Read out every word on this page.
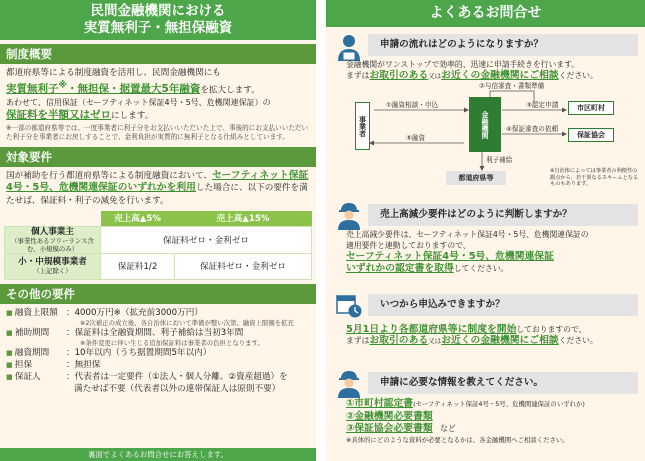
民間金融機関における
実質無利子・無担保融資
制度概要
都道府県等による制度融資を活用し、民間金融機関にも
実質無利子※・無担保・据置最大5年融資を拡大します。
あわせて、信用保証（セーフティネット保証4号・5号、危機関連保証）の
保証料を半額又はゼロにします。
※一部の都道府県等では、一度事業者に利子分をお支払いいただいた上で、事後的にお支払いいただいた利子分を事業者にお戻しすることで、金利負担が実質的に無利子となる仕組みとしています。
対象要件
国が補助を行う都道府県等による制度融資において、セーフティネット保証4号・5号、危機関連保証のいずれかを利用した場合に、以下の要件を満たせば、保証料・利子の減免を行います。
	売上高▲5%	売上高▲15%
個人事業主
（事業性あるフリーランス含む、小規模のみ）	保証料ゼロ・金利ゼロ	
小・中規模事業者
（上記除く）	保証料1/2	保証料ゼロ・金利ゼロ
その他の要件
■ 融資上限額 ：4000万円※（拡充前3000万円）
※2次補正の成立後、各自治体において準備が整い次第、融資上限額を拡充
■ 補助期間	：保証料は全融資期間、利子補給は当初3年間
※条件変更に伴い生じる追加保証料は事業者の負担となります。
■ 融資期間	：10年以内（うち据置期間5年以内）
■ 担保	：無担保
■ 保証人	：代表者は一定要件（①法人・個人分離、②資産超過）を
満たせば不要（代表者以外の連帯保証人は原則不要）
裏面でよくあるお問合せにお答えします。
よくあるお問合せ
申請の流れはどのようになりますか？
金融機関がワンストップで効率的、迅速に申請手続きを行います。
まずはお取引のある又はお近くの金融機関にご相談ください。
事業者	金融機関
市区町村
保証協会
都道府県等
①融資相談・申込
②与信審査・書類準備
③認定申請
④保証審査の依頼
⑤融資
利子補給
※自治体によっては事業者の利便性の観点から、若干異なるスキームとなるものもあります。
売上高減少要件はどのように判断しますか？
売上高減少要件は、セーフティネット保証4号・5号、危機関連保証の
適用要件と連動しておりますので、
セーフティネット保証4号・5号、危機関連保証
いずれかの認定書を取得してください。
いつから申込みできますか？
5月1日より各都道府県等に制度を開始しておりますので、
まずはお取引のある又はお近くの金融機関にご相談ください。
申請に必要な情報を教えてください。
①市町村認定書(セーフティネット保証4号・5号、危機関連保証のいずれか)
②金融機関必要書類
③保証協会必要書類 など
※具体的にどのような資料が必要となるかは、各金融機関へご相談ください。
